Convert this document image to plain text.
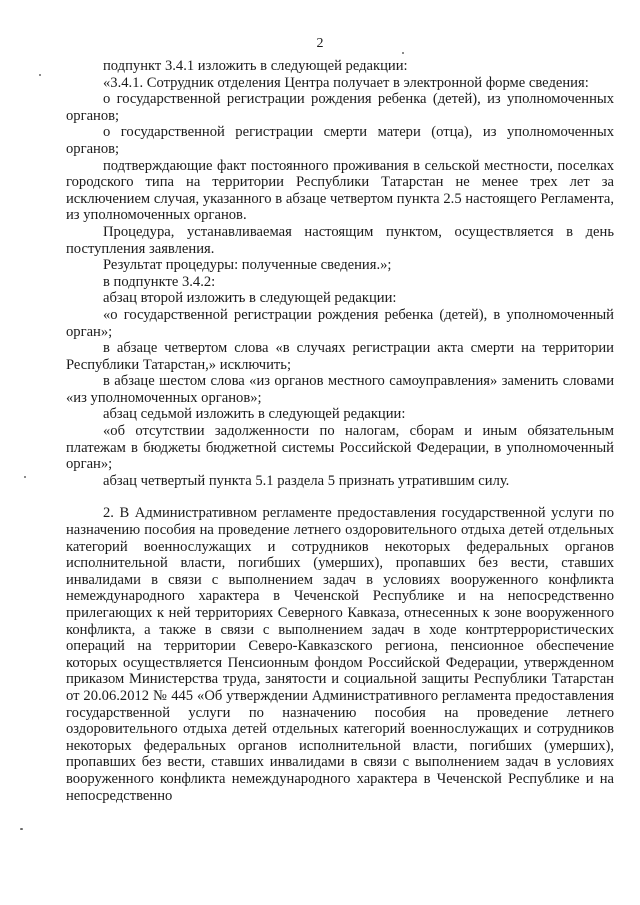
2

подпункт 3.4.1 изложить в следующей редакции:

«3.4.1. Сотрудник отделения Центра получает в электронной форме сведения:

о государственной регистрации рождения ребенка (детей), из уполномоченных органов;

о государственной регистрации смерти матери (отца), из уполномоченных органов;

подтверждающие факт постоянного проживания в сельской местности, поселках городского типа на территории Республики Татарстан не менее трех лет за исключением случая, указанного в абзаце четвертом пункта 2.5 настоящего Регламента, из уполномоченных органов.

Процедура, устанавливаемая настоящим пунктом, осуществляется в день поступления заявления.

Результат процедуры: полученные сведения.»;

в подпункте 3.4.2:

абзац второй изложить в следующей редакции:

«о государственной регистрации рождения ребенка (детей), в уполномоченный орган»;

в абзаце четвертом слова «в случаях регистрации акта смерти на территории Республики Татарстан,» исключить;

в абзаце шестом слова «из органов местного самоуправления» заменить словами «из уполномоченных органов»;

абзац седьмой изложить в следующей редакции:

«об отсутствии задолженности по налогам, сборам и иным обязательным платежам в бюджеты бюджетной системы Российской Федерации, в уполномоченный орган»;

абзац четвертый пункта 5.1 раздела 5 признать утратившим силу.

2. В Административном регламенте предоставления государственной услуги по назначению пособия на проведение летнего оздоровительного отдыха детей отдельных категорий военнослужащих и сотрудников некоторых федеральных органов исполнительной власти, погибших (умерших), пропавших без вести, ставших инвалидами в связи с выполнением задач в условиях вооруженного конфликта немеждународного характера в Чеченской Республике и на непосредственно прилегающих к ней территориях Северного Кавказа, отнесенных к зоне вооруженного конфликта, а также в связи с выполнением задач в ходе контртеррористических операций на территории Северо-Кавказского региона, пенсионное обеспечение которых осуществляется Пенсионным фондом Российской Федерации, утвержденном приказом Министерства труда, занятости и социальной защиты Республики Татарстан от 20.06.2012 № 445 «Об утверждении Административного регламента предоставления государственной услуги по назначению пособия на проведение летнего оздоровительного отдыха детей отдельных категорий военнослужащих и сотрудников некоторых федеральных органов исполнительной власти, погибших (умерших), пропавших без вести, ставших инвалидами в связи с выполнением задач в условиях вооруженного конфликта немеждународного характера в Чеченской Республике и на непосредственно
